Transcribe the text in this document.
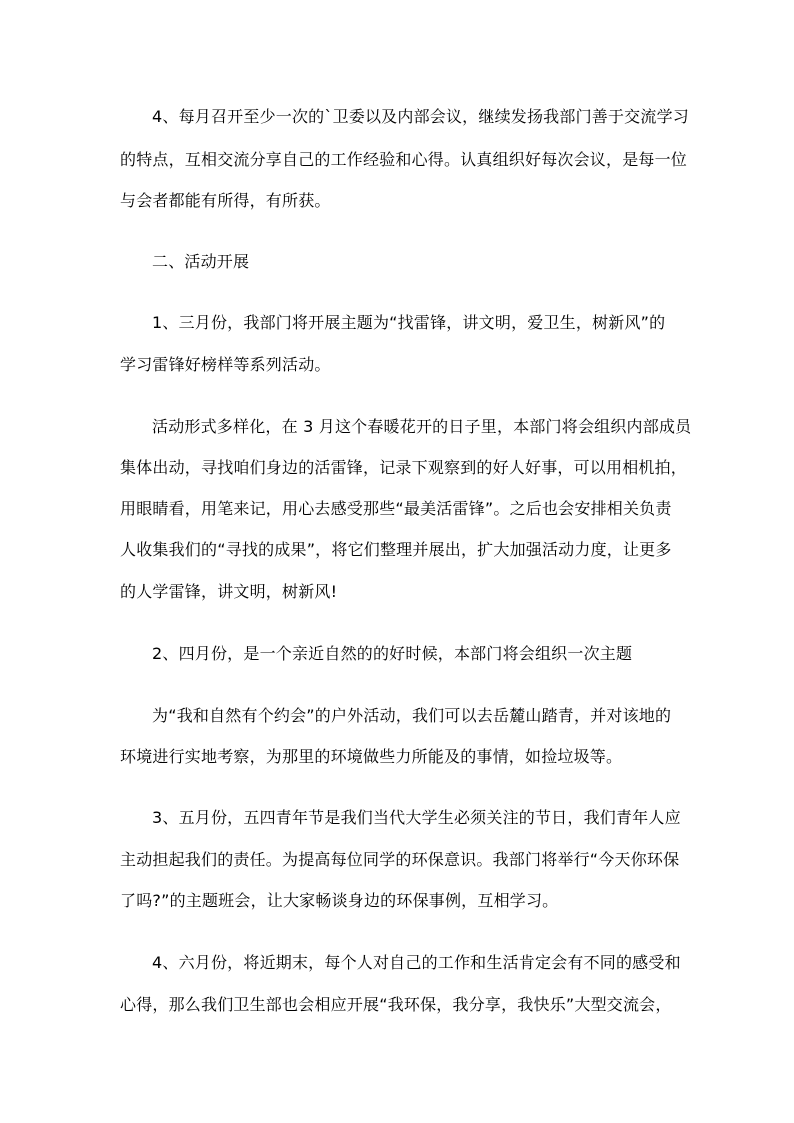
4、每月召开至少一次的`卫委以及内部会议，继续发扬我部门善于交流学习
的特点，互相交流分享自己的工作经验和心得。认真组织好每次会议，是每一位
与会者都能有所得，有所获。
二、活动开展
1、三月份，我部门将开展主题为“找雷锋，讲文明，爱卫生，树新风”的
学习雷锋好榜样等系列活动。
活动形式多样化，在 3 月这个春暖花开的日子里，本部门将会组织内部成员
集体出动，寻找咱们身边的活雷锋，记录下观察到的好人好事，可以用相机拍，
用眼睛看，用笔来记，用心去感受那些“最美活雷锋”。之后也会安排相关负责
人收集我们的“寻找的成果”，将它们整理并展出，扩大加强活动力度，让更多
的人学雷锋，讲文明，树新风!
2、四月份，是一个亲近自然的的好时候，本部门将会组织一次主题
为“我和自然有个约会”的户外活动，我们可以去岳麓山踏青，并对该地的
环境进行实地考察，为那里的环境做些力所能及的事情，如捡垃圾等。
3、五月份，五四青年节是我们当代大学生必须关注的节日，我们青年人应
主动担起我们的责任。为提高每位同学的环保意识。我部门将举行“今天你环保
了吗?”的主题班会，让大家畅谈身边的环保事例，互相学习。
4、六月份，将近期末，每个人对自己的工作和生活肯定会有不同的感受和
心得，那么我们卫生部也会相应开展“我环保，我分享，我快乐”大型交流会，
